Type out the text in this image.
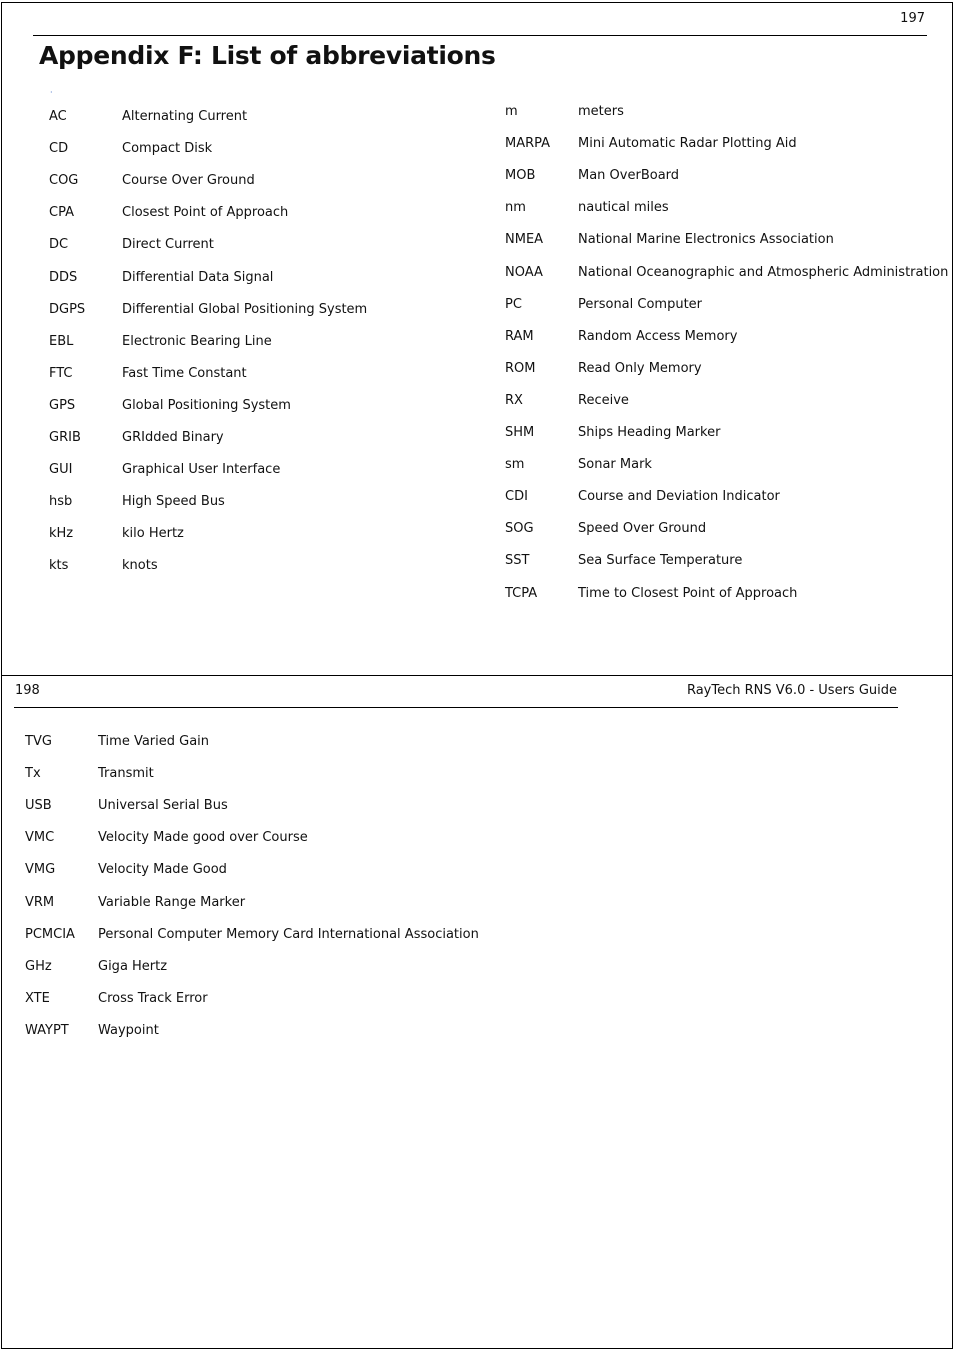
197
Appendix F: List of abbreviations
·
AC	Alternating Current
CD	Compact Disk
COG	Course Over Ground
CPA	Closest Point of Approach
DC	Direct Current
DDS	Differential Data Signal
DGPS	Differential Global Positioning System
EBL	Electronic Bearing Line
FTC	Fast Time Constant
GPS	Global Positioning System
GRIB	GRIdded Binary
GUI	Graphical User Interface
hsb	High Speed Bus
kHz	kilo Hertz
kts	knots
m	meters
MARPA Mini Automatic Radar Plotting Aid
MOB	Man OverBoard
nm	nautical miles
NMEA	National Marine Electronics Association
NOAA	National Oceanographic and Atmospheric Administration
PC	Personal Computer
RAM	Random Access Memory
ROM	Read Only Memory
RX	Receive
SHM	Ships Heading Marker
sm	Sonar Mark
CDI	Course and Deviation Indicator
SOG	Speed Over Ground
SST	Sea Surface Temperature
TCPA	Time to Closest Point of Approach
198	RayTech RNS V6.0 - Users Guide
TVG	Time Varied Gain
Tx	Transmit
USB	Universal Serial Bus
VMC	Velocity Made good over Course
VMG	Velocity Made Good
VRM	Variable Range Marker
PCMCIA Personal Computer Memory Card International Association
GHz	Giga Hertz
XTE	Cross Track Error
WAYPT Waypoint
